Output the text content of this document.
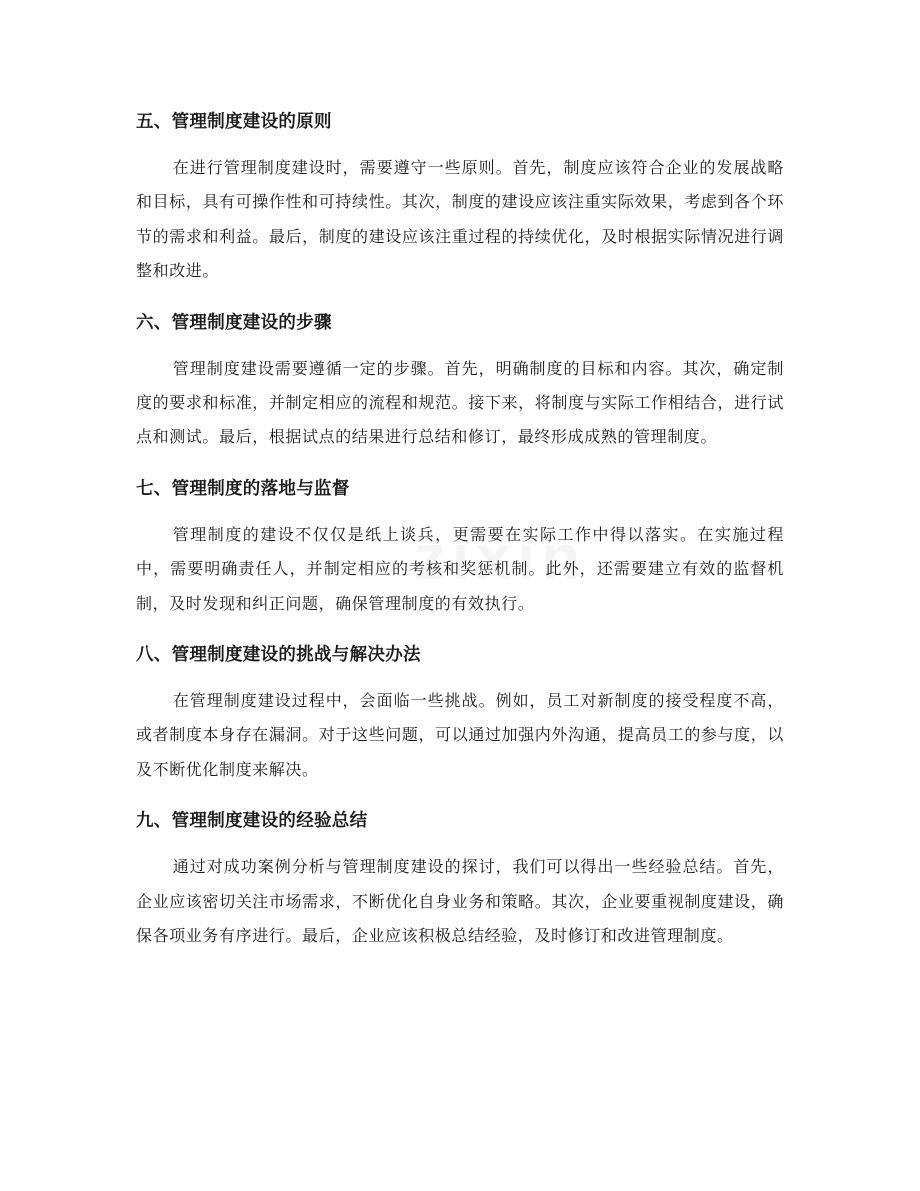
五、管理制度建设的原则

在进行管理制度建设时，需要遵守一些原则。首先，制度应该符合企业的发展战略和目标，具有可操作性和可持续性。其次，制度的建设应该注重实际效果，考虑到各个环节的需求和利益。最后，制度的建设应该注重过程的持续优化，及时根据实际情况进行调整和改进。

六、管理制度建设的步骤

管理制度建设需要遵循一定的步骤。首先，明确制度的目标和内容。其次，确定制度的要求和标准，并制定相应的流程和规范。接下来，将制度与实际工作相结合，进行试点和测试。最后，根据试点的结果进行总结和修订，最终形成成熟的管理制度。

七、管理制度的落地与监督

管理制度的建设不仅仅是纸上谈兵，更需要在实际工作中得以落实。在实施过程中，需要明确责任人，并制定相应的考核和奖惩机制。此外，还需要建立有效的监督机制，及时发现和纠正问题，确保管理制度的有效执行。

八、管理制度建设的挑战与解决办法

在管理制度建设过程中，会面临一些挑战。例如，员工对新制度的接受程度不高，或者制度本身存在漏洞。对于这些问题，可以通过加强内外沟通，提高员工的参与度，以及不断优化制度来解决。

九、管理制度建设的经验总结

通过对成功案例分析与管理制度建设的探讨，我们可以得出一些经验总结。首先，企业应该密切关注市场需求，不断优化自身业务和策略。其次，企业要重视制度建设，确保各项业务有序进行。最后，企业应该积极总结经验，及时修订和改进管理制度。
